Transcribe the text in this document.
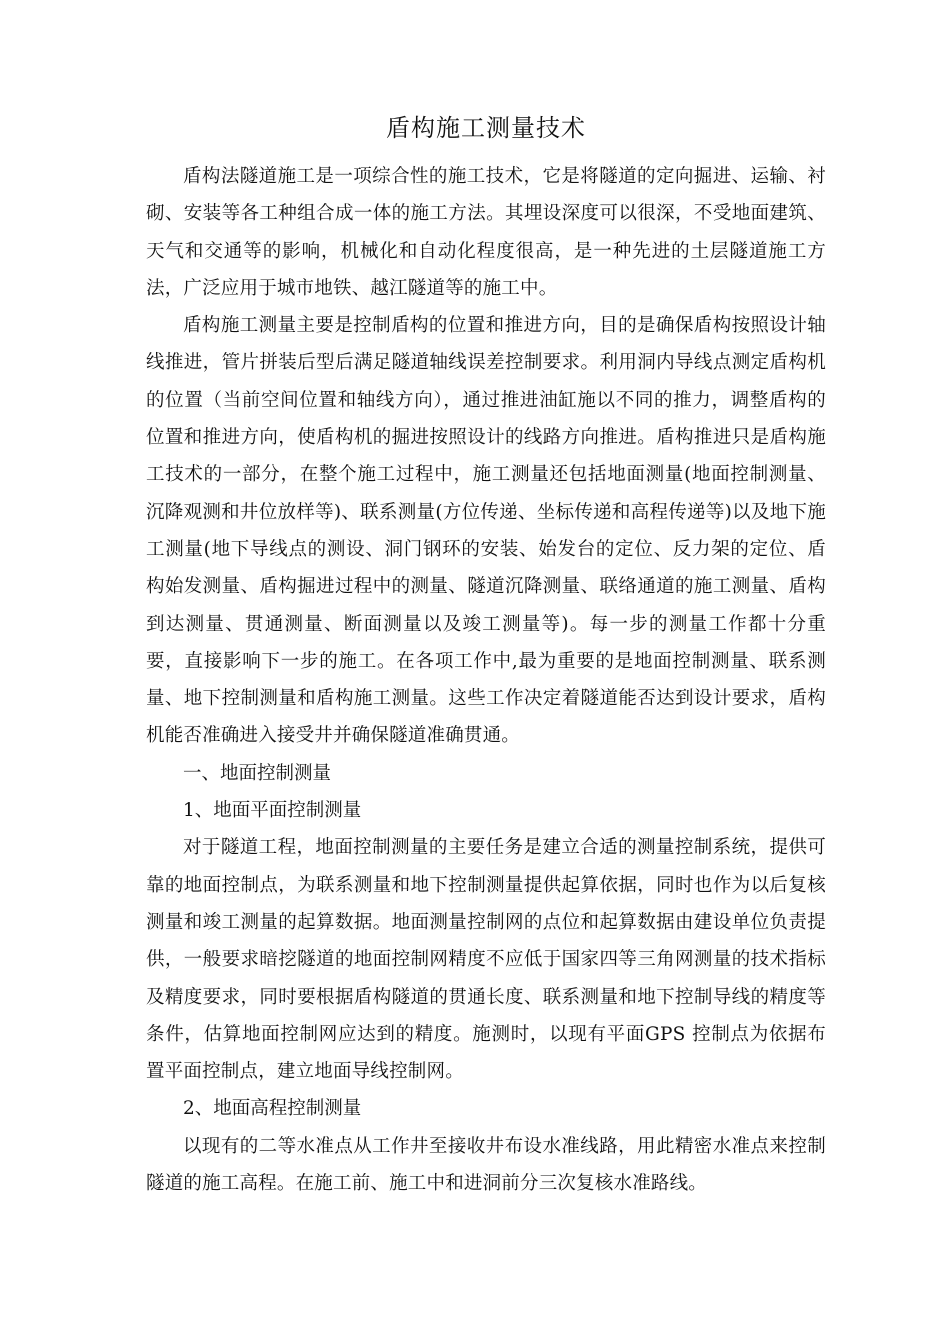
盾构施工测量技术

盾构法隧道施工是一项综合性的施工技术，它是将隧道的定向掘进、运输、衬砌、安装等各工种组合成一体的施工方法。其埋设深度可以很深，不受地面建筑、天气和交通等的影响，机械化和自动化程度很高，是一种先进的土层隧道施工方法，广泛应用于城市地铁、越江隧道等的施工中。

盾构施工测量主要是控制盾构的位置和推进方向，目的是确保盾构按照设计轴线推进，管片拼装后型后满足隧道轴线误差控制要求。利用洞内导线点测定盾构机的位置（当前空间位置和轴线方向），通过推进油缸施以不同的推力，调整盾构的位置和推进方向，使盾构机的掘进按照设计的线路方向推进。盾构推进只是盾构施工技术的一部分，在整个施工过程中，施工测量还包括地面测量(地面控制测量、沉降观测和井位放样等)、联系测量(方位传递、坐标传递和高程传递等)以及地下施工测量(地下导线点的测设、洞门钢环的安装、始发台的定位、反力架的定位、盾构始发测量、盾构掘进过程中的测量、隧道沉降测量、联络通道的施工测量、盾构到达测量、贯通测量、断面测量以及竣工测量等)。每一步的测量工作都十分重要，直接影响下一步的施工。在各项工作中,最为重要的是地面控制测量、联系测量、地下控制测量和盾构施工测量。这些工作决定着隧道能否达到设计要求，盾构机能否准确进入接受井并确保隧道准确贯通。

一、地面控制测量

1、地面平面控制测量

对于隧道工程，地面控制测量的主要任务是建立合适的测量控制系统，提供可靠的地面控制点，为联系测量和地下控制测量提供起算依据，同时也作为以后复核测量和竣工测量的起算数据。地面测量控制网的点位和起算数据由建设单位负责提供，一般要求暗挖隧道的地面控制网精度不应低于国家四等三角网测量的技术指标及精度要求，同时要根据盾构隧道的贯通长度、联系测量和地下控制导线的精度等条件，估算地面控制网应达到的精度。施测时，以现有平面GPS 控制点为依据布置平面控制点，建立地面导线控制网。

2、地面高程控制测量

以现有的二等水准点从工作井至接收井布设水准线路，用此精密水准点来控制隧道的施工高程。在施工前、施工中和进洞前分三次复核水准路线。
